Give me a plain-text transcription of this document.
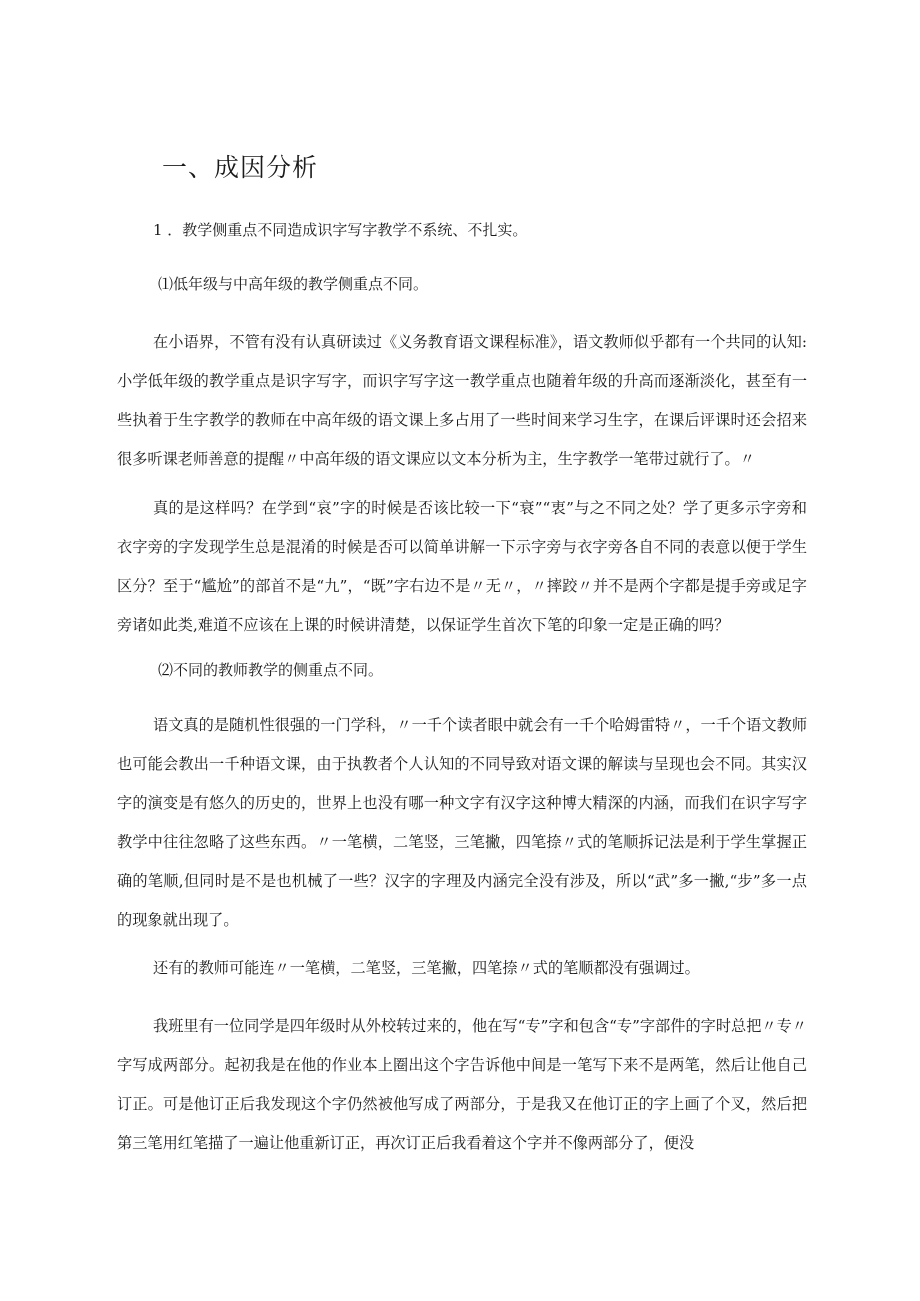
一、成因分析
1 ．教学侧重点不同造成识字写字教学不系统、不扎实。
⑴低年级与中高年级的教学侧重点不同。
在小语界，不管有没有认真研读过《义务教育语文课程标准》，语文教师似乎都有一个共同的认知:小学低年级的教学重点是识字写字，而识字写字这一教学重点也随着年级的升高而逐渐淡化，甚至有一些执着于生字教学的教师在中高年级的语文课上多占用了一些时间来学习生字，在课后评课时还会招来很多听课老师善意的提醒〃中高年级的语文课应以文本分析为主，生字教学一笔带过就行了。〃
真的是这样吗？在学到“哀”字的时候是否该比较一下“衰”“衷”与之不同之处？学了更多示字旁和衣字旁的字发现学生总是混淆的时候是否可以简单讲解一下示字旁与衣字旁各自不同的表意以便于学生区分？至于“尴尬”的部首不是“九”，“既”字右边不是〃无〃，〃摔跤〃并不是两个字都是提手旁或足字旁诸如此类,难道不应该在上课的时候讲清楚，以保证学生首次下笔的印象一定是正确的吗？
⑵不同的教师教学的侧重点不同。
语文真的是随机性很强的一门学科，〃一千个读者眼中就会有一千个哈姆雷特〃，一千个语文教师也可能会教出一千种语文课，由于执教者个人认知的不同导致对语文课的解读与呈现也会不同。其实汉字的演变是有悠久的历史的，世界上也没有哪一种文字有汉字这种博大精深的内涵，而我们在识字写字教学中往往忽略了这些东西。〃一笔横，二笔竖，三笔撇，四笔捺〃式的笔顺拆记法是利于学生掌握正确的笔顺,但同时是不是也机械了一些？汉字的字理及内涵完全没有涉及，所以“武”多一撇,“步”多一点的现象就出现了。
还有的教师可能连〃一笔横，二笔竖，三笔撇，四笔捺〃式的笔顺都没有强调过。
我班里有一位同学是四年级时从外校转过来的，他在写“专”字和包含“专”字部件的字时总把〃专〃字写成两部分。起初我是在他的作业本上圈出这个字告诉他中间是一笔写下来不是两笔，然后让他自己订正。可是他订正后我发现这个字仍然被他写成了两部分，于是我又在他订正的字上画了个叉，然后把第三笔用红笔描了一遍让他重新订正，再次订正后我看着这个字并不像两部分了，便没
